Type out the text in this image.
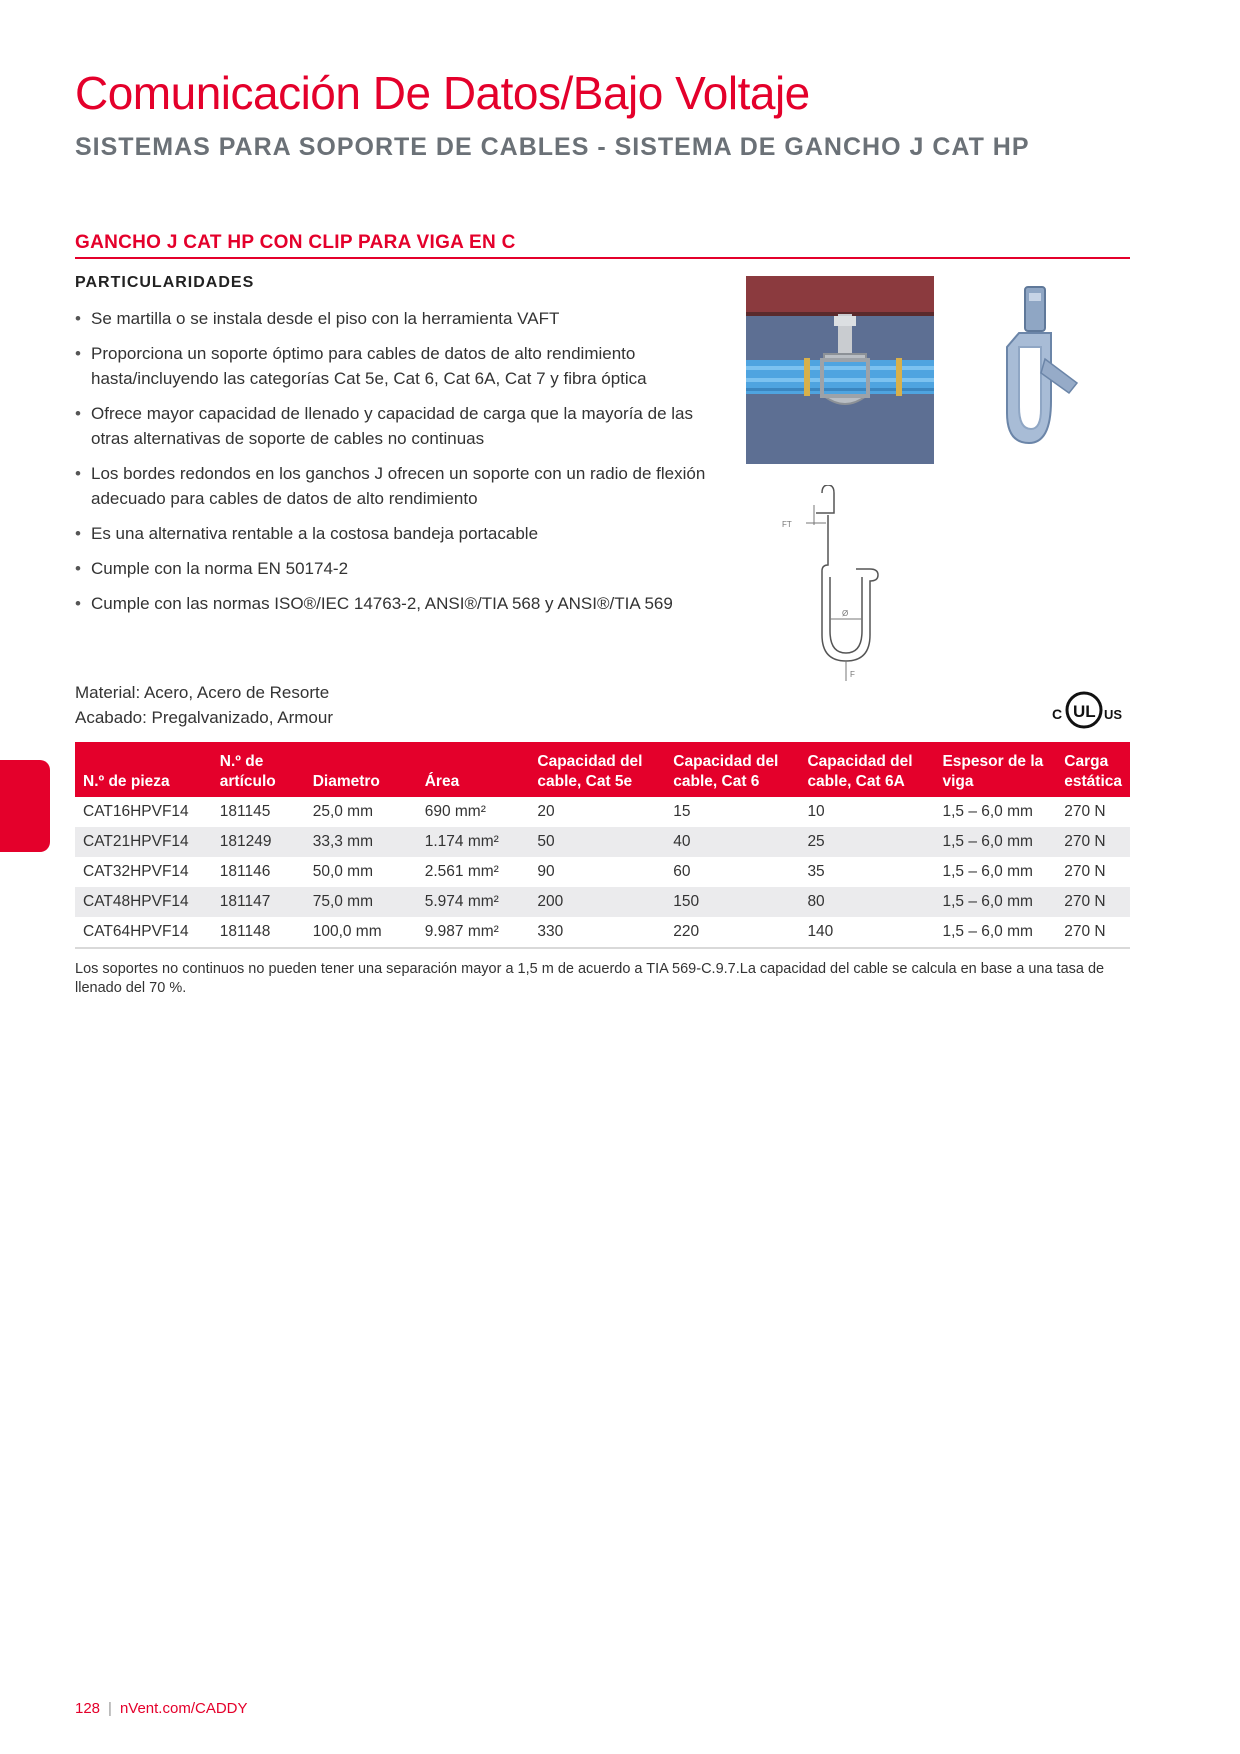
Comunicación De Datos/Bajo Voltaje
SISTEMAS PARA SOPORTE DE CABLES - SISTEMA DE GANCHO J CAT HP
GANCHO J CAT HP CON CLIP PARA VIGA EN C
PARTICULARIDADES
• Se martilla o se instala desde el piso con la herramienta VAFT
• Proporciona un soporte óptimo para cables de datos de alto rendimiento hasta/incluyendo las categorías Cat 5e, Cat 6, Cat 6A, Cat 7 y fibra óptica
• Ofrece mayor capacidad de llenado y capacidad de carga que la mayoría de las otras alternativas de soporte de cables no continuas
• Los bordes redondos en los ganchos J ofrecen un soporte con un radio de flexión adecuado para cables de datos de alto rendimiento
• Es una alternativa rentable a la costosa bandeja portacable
• Cumple con la norma EN 50174-2
• Cumple con las normas ISO®/IEC 14763-2, ANSI®/TIA 568 y ANSI®/TIA 569
Material: Acero, Acero de Resorte
Acabado: Pregalvanizado, Armour
FT
Ø
F
C UL US
N.º de pieza	N.º de artículo	Diametro	Área	Capacidad del cable, Cat 5e	Capacidad del cable, Cat 6	Capacidad del cable, Cat 6A	Espesor de la viga	Carga estática
CAT16HPVF14	181145	25,0 mm	690 mm²	20	15	10	1,5 – 6,0 mm	270 N
CAT21HPVF14	181249	33,3 mm	1.174 mm²	50	40	25	1,5 – 6,0 mm	270 N
CAT32HPVF14	181146	50,0 mm	2.561 mm²	90	60	35	1,5 – 6,0 mm	270 N
CAT48HPVF14	181147	75,0 mm	5.974 mm²	200	150	80	1,5 – 6,0 mm	270 N
CAT64HPVF14	181148	100,0 mm	9.987 mm²	330	220	140	1,5 – 6,0 mm	270 N
Los soportes no continuos no pueden tener una separación mayor a 1,5 m de acuerdo a TIA 569-C.9.7.La capacidad del cable se calcula en base a una tasa de llenado del 70 %.
128 | nVent.com/CADDY
